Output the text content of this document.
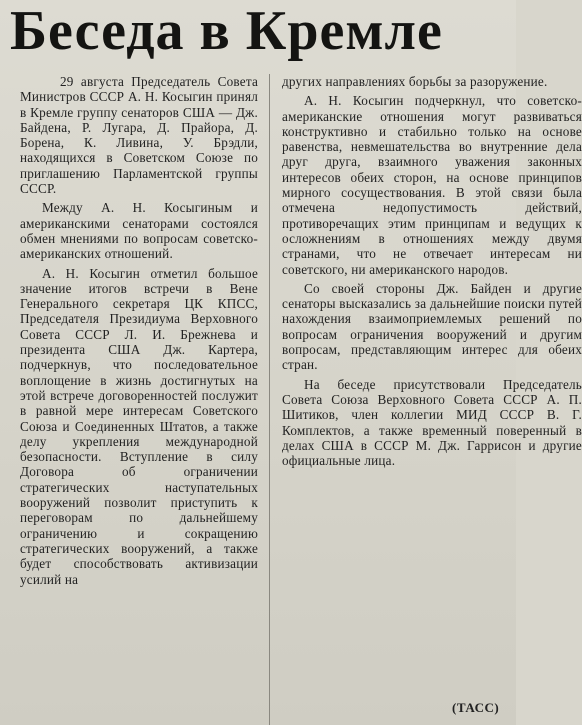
Беседа в Кремле

29 августа Председатель Совета Министров СССР А. Н. Косыгин принял в Кремле группу сенаторов США — Дж. Байдена, Р. Лугара, Д. Прайора, Д. Борена, К. Ливина, У. Брэдли, находящихся в Советском Союзе по приглашению Парламентской группы СССР.

Между А. Н. Косыгиным и американскими сенаторами состоялся обмен мнениями по вопросам советско-американских отношений.

А. Н. Косыгин отметил большое значение итогов встречи в Вене Генерального секретаря ЦК КПСС, Председателя Президиума Верховного Совета СССР Л. И. Брежнева и президента США Дж. Картера, подчеркнув, что последовательное воплощение в жизнь достигнутых на этой встрече договоренностей послужит в равной мере интересам Советского Союза и Соединенных Штатов, а также делу укрепления международной безопасности. Вступление в силу Договора об ограничении стратегических наступательных вооружений позволит приступить к переговорам по дальнейшему ограничению и сокращению стратегических вооружений, а также будет способствовать активизации усилий на

других направлениях борьбы за разоружение.

А. Н. Косыгин подчеркнул, что советско-американские отношения могут развиваться конструктивно и стабильно только на основе равенства, невмешательства во внутренние дела друг друга, взаимного уважения законных интересов обеих сторон, на основе принципов мирного сосуществования. В этой связи была отмечена недопустимость действий, противоречащих этим принципам и ведущих к осложнениям в отношениях между двумя странами, что не отвечает интересам ни советского, ни американского народов.

Со своей стороны Дж. Байден и другие сенаторы высказались за дальнейшие поиски путей нахождения взаимоприемлемых решений по вопросам ограничения вооружений и другим вопросам, представляющим интерес для обеих стран.

На беседе присутствовали Председатель Совета Союза Верховного Совета СССР А. П. Шитиков, член коллегии МИД СССР В. Г. Комплектов, а также временный поверенный в делах США в СССР М. Дж. Гаррисон и другие официальные лица.

(ТАСС)
